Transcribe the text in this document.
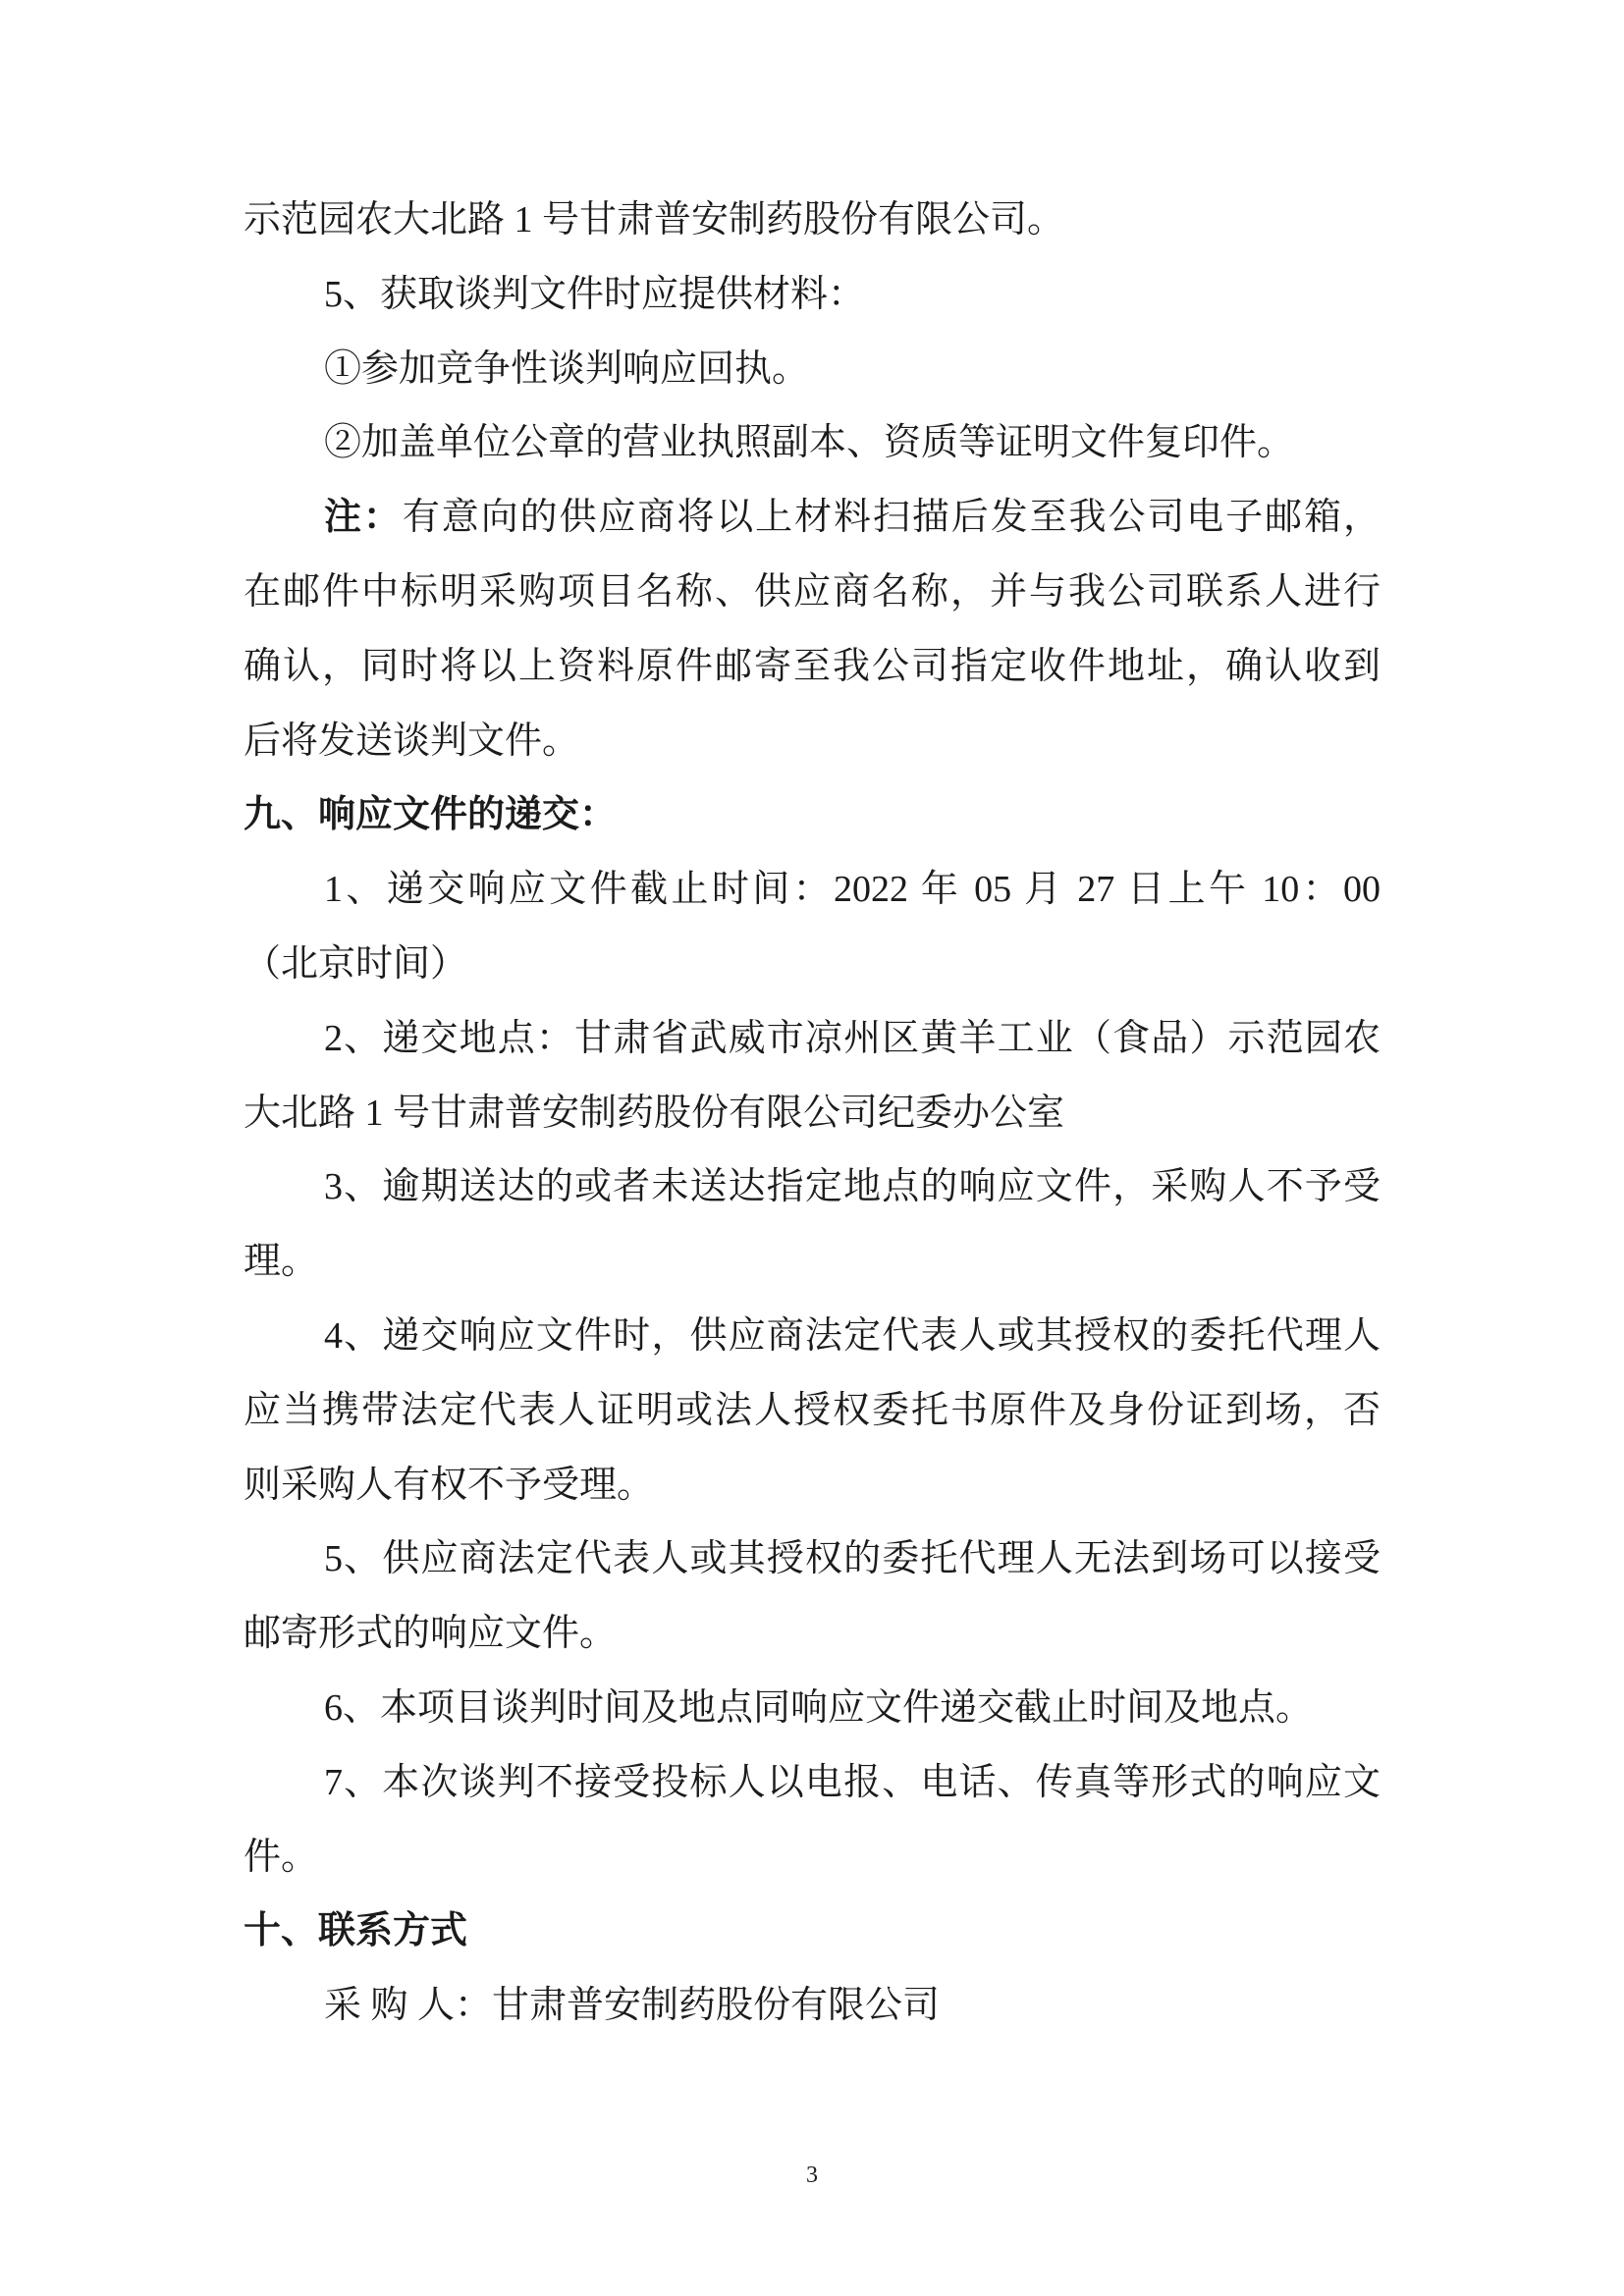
示范园农大北路 1 号甘肃普安制药股份有限公司。
5、获取谈判文件时应提供材料：
①参加竞争性谈判响应回执。
②加盖单位公章的营业执照副本、资质等证明文件复印件。
注：有意向的供应商将以上材料扫描后发至我公司电子邮箱，
在邮件中标明采购项目名称、供应商名称，并与我公司联系人进行
确认，同时将以上资料原件邮寄至我公司指定收件地址，确认收到
后将发送谈判文件。
九、响应文件的递交：
1、递交响应文件截止时间：2022 年 05 月 27 日上午 10：00
（北京时间）
2、递交地点：甘肃省武威市凉州区黄羊工业（食品）示范园农
大北路 1 号甘肃普安制药股份有限公司纪委办公室
3、逾期送达的或者未送达指定地点的响应文件，采购人不予受
理。
4、递交响应文件时，供应商法定代表人或其授权的委托代理人
应当携带法定代表人证明或法人授权委托书原件及身份证到场，否
则采购人有权不予受理。
5、供应商法定代表人或其授权的委托代理人无法到场可以接受
邮寄形式的响应文件。
6、本项目谈判时间及地点同响应文件递交截止时间及地点。
7、本次谈判不接受投标人以电报、电话、传真等形式的响应文
件。
十、联系方式
采 购 人：甘肃普安制药股份有限公司
3
